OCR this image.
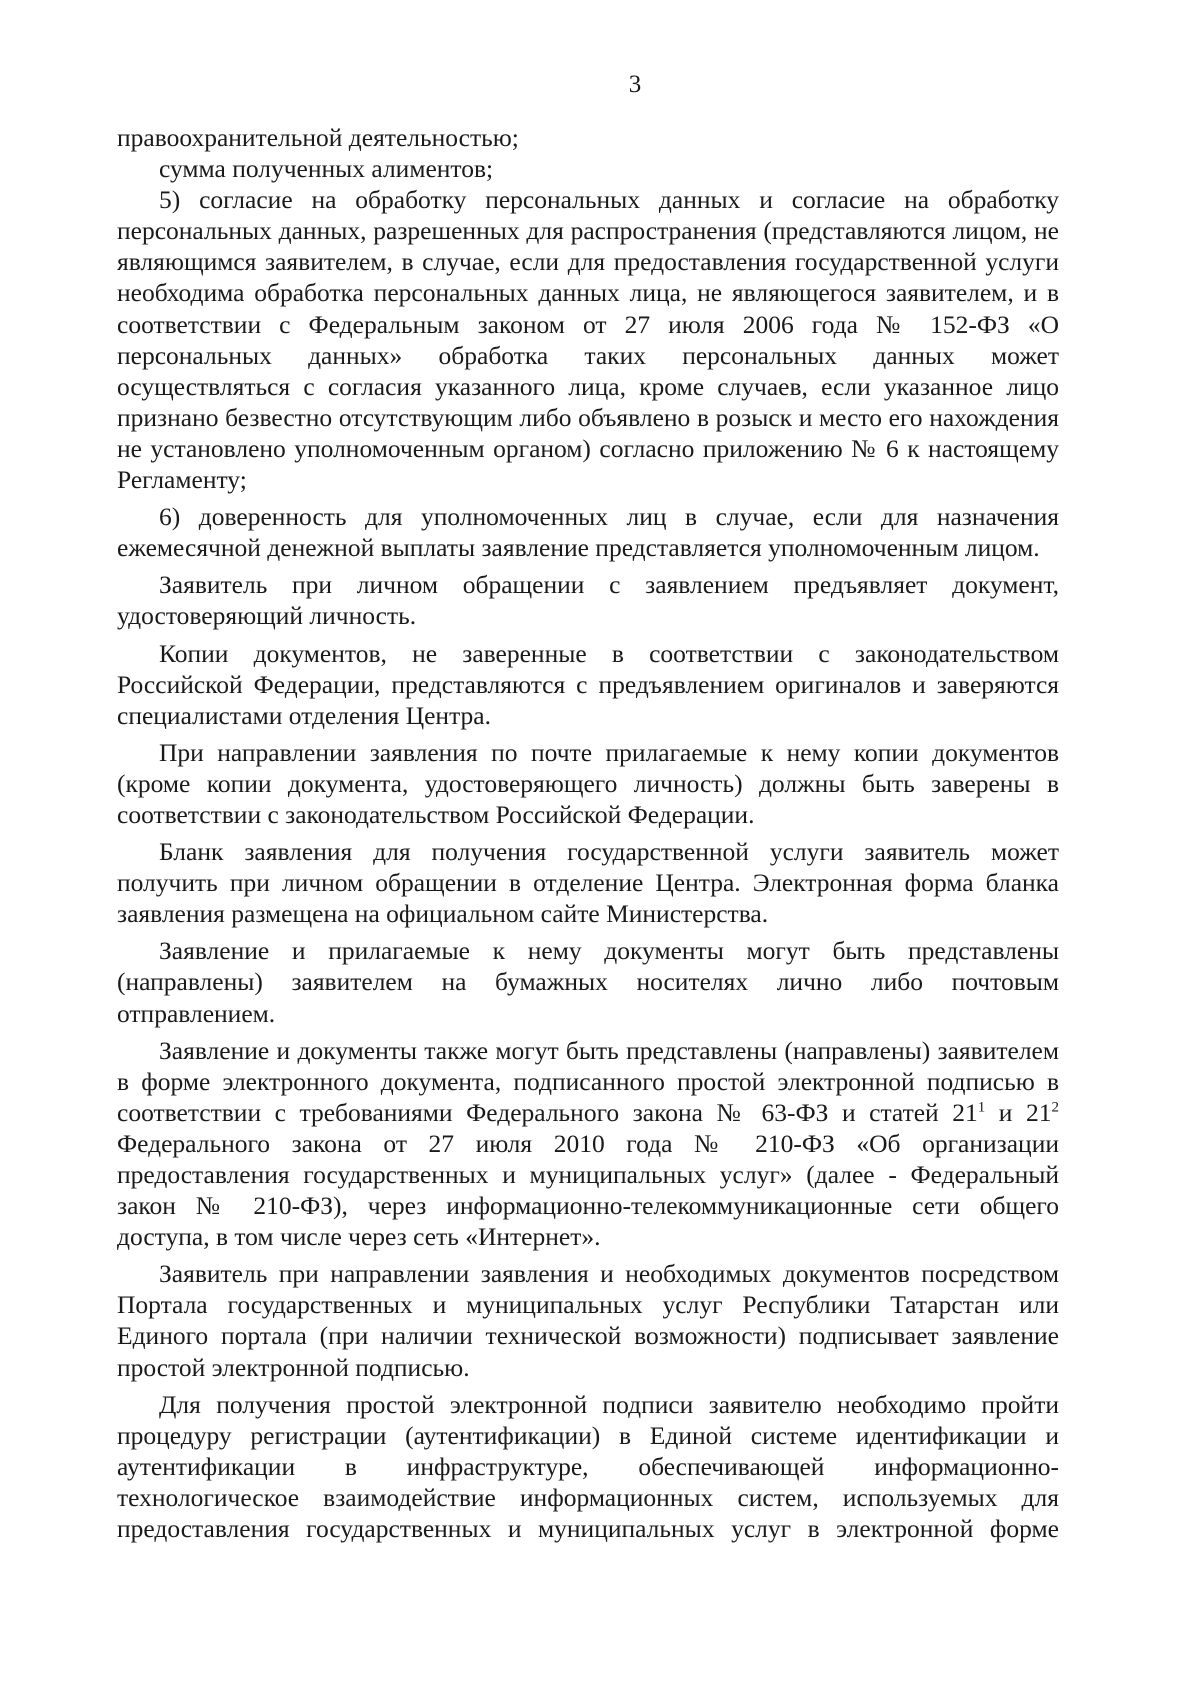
3

правоохранительной деятельностью;

сумма полученных алиментов;

5) согласие на обработку персональных данных и согласие на обработку персональных данных, разрешенных для распространения (представляются лицом, не являющимся заявителем, в случае, если для предоставления государственной услуги необходима обработка персональных данных лица, не являющегося заявителем, и в соответствии с Федеральным законом от 27 июля 2006 года № 152-ФЗ «О персональных данных» обработка таких персональных данных может осуществляться с согласия указанного лица, кроме случаев, если указанное лицо признано безвестно отсутствующим либо объявлено в розыск и место его нахождения не установлено уполномоченным органом) согласно приложению № 6 к настоящему Регламенту;

6) доверенность для уполномоченных лиц в случае, если для назначения ежемесячной денежной выплаты заявление представляется уполномоченным лицом.

Заявитель при личном обращении с заявлением предъявляет документ, удостоверяющий личность.

Копии документов, не заверенные в соответствии с законодательством Российской Федерации, представляются с предъявлением оригиналов и заверяются специалистами отделения Центра.

При направлении заявления по почте прилагаемые к нему копии документов (кроме копии документа, удостоверяющего личность) должны быть заверены в соответствии с законодательством Российской Федерации.

Бланк заявления для получения государственной услуги заявитель может получить при личном обращении в отделение Центра. Электронная форма бланка заявления размещена на официальном сайте Министерства.

Заявление и прилагаемые к нему документы могут быть представлены (направлены) заявителем на бумажных носителях лично либо почтовым отправлением.

Заявление и документы также могут быть представлены (направлены) заявителем в форме электронного документа, подписанного простой электронной подписью в соответствии с требованиями Федерального закона № 63-ФЗ и статей $21^1$ и $21^2$ Федерального закона от 27 июля 2010 года № 210-ФЗ «Об организации предоставления государственных и муниципальных услуг» (далее - Федеральный закон № 210-ФЗ), через информационно-телекоммуникационные сети общего доступа, в том числе через сеть «Интернет».

Заявитель при направлении заявления и необходимых документов посредством Портала государственных и муниципальных услуг Республики Татарстан или Единого портала (при наличии технической возможности) подписывает заявление простой электронной подписью.

Для получения простой электронной подписи заявителю необходимо пройти процедуру регистрации (аутентификации) в Единой системе идентификации и аутентификации в инфраструктуре, обеспечивающей информационно-технологическое взаимодействие информационных систем, используемых для предоставления государственных и муниципальных услуг в электронной форме
